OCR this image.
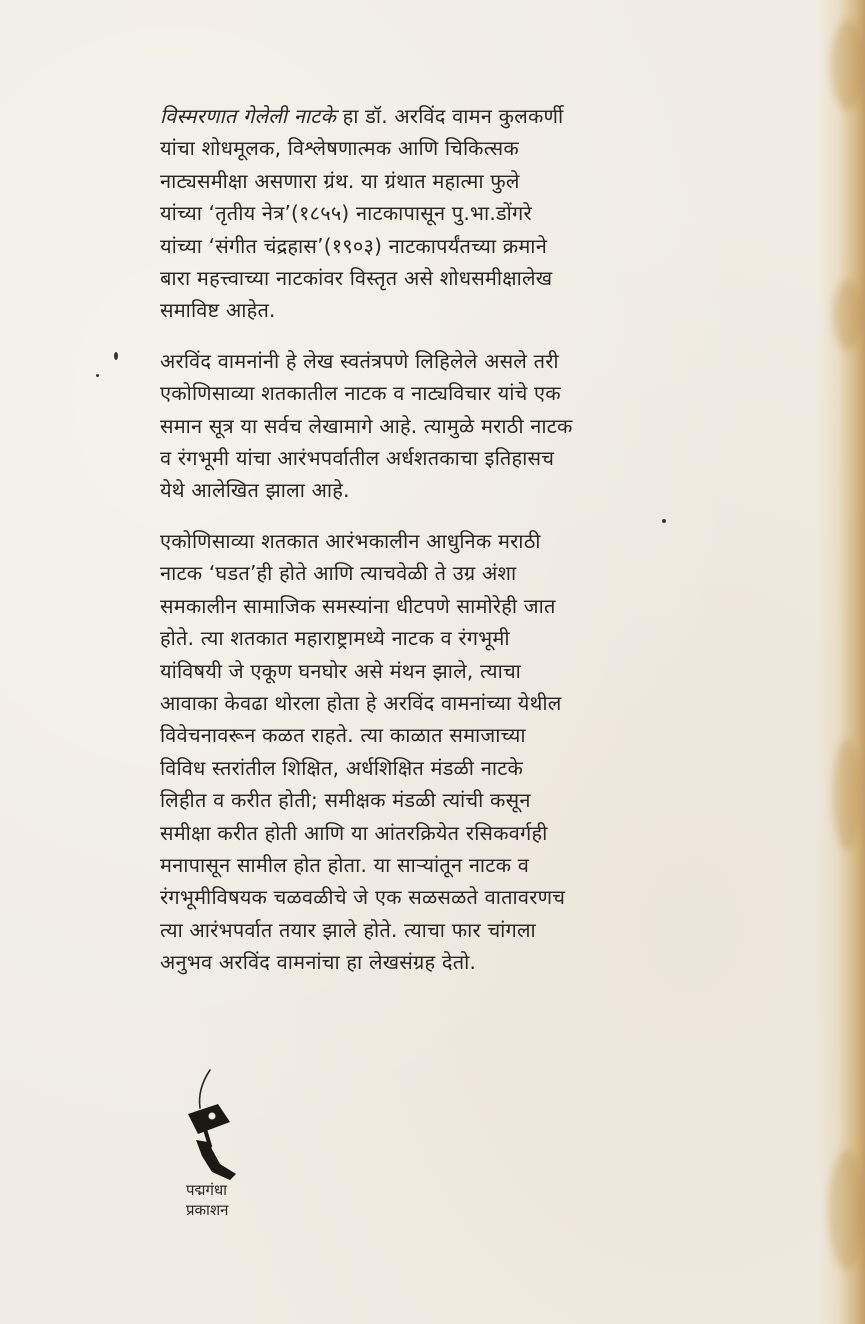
विस्मरणात गेलेली नाटके हा डॉ. अरविंद वामन कुलकर्णी
यांचा शोधमूलक, विश्लेषणात्मक आणि चिकित्सक
नाट्यसमीक्षा असणारा ग्रंथ. या ग्रंथात महात्मा फुले
यांच्या ‘तृतीय नेत्र’(१८५५) नाटकापासून पु.भा.डोंगरे
यांच्या ‘संगीत चंद्रहास’(१९०३) नाटकापर्यंतच्या क्रमाने
बारा महत्त्वाच्या नाटकांवर विस्तृत असे शोधसमीक्षालेख
समाविष्ट आहेत.

अरविंद वामनांनी हे लेख स्वतंत्रपणे लिहिलेले असले तरी
एकोणिसाव्या शतकातील नाटक व नाट्यविचार यांचे एक
समान सूत्र या सर्वच लेखामागे आहे. त्यामुळे मराठी नाटक
व रंगभूमी यांचा आरंभपर्वातील अर्धशतकाचा इतिहासच
येथे आलेखित झाला आहे.

एकोणिसाव्या शतकात आरंभकालीन आधुनिक मराठी
नाटक ‘घडत’ही होते आणि त्याचवेळी ते उग्र अंशा
समकालीन सामाजिक समस्यांना धीटपणे सामोरेही जात
होते. त्या शतकात महाराष्ट्रामध्ये नाटक व रंगभूमी
यांविषयी जे एकूण घनघोर असे मंथन झाले, त्याचा
आवाका केवढा थोरला होता हे अरविंद वामनांच्या येथील
विवेचनावरून कळत राहते. त्या काळात समाजाच्या
विविध स्तरांतील शिक्षित, अर्धशिक्षित मंडळी नाटके
लिहीत व करीत होती; समीक्षक मंडळी त्यांची कसून
समीक्षा करीत होती आणि या आंतरक्रियेत रसिकवर्गही
मनापासून सामील होत होता. या साऱ्यांतून नाटक व
रंगभूमीविषयक चळवळीचे जे एक सळसळते वातावरणच
त्या आरंभपर्वात तयार झाले होते. त्याचा फार चांगला
अनुभव अरविंद वामनांचा हा लेखसंग्रह देतो.

पद्मगंधा
प्रकाशन
